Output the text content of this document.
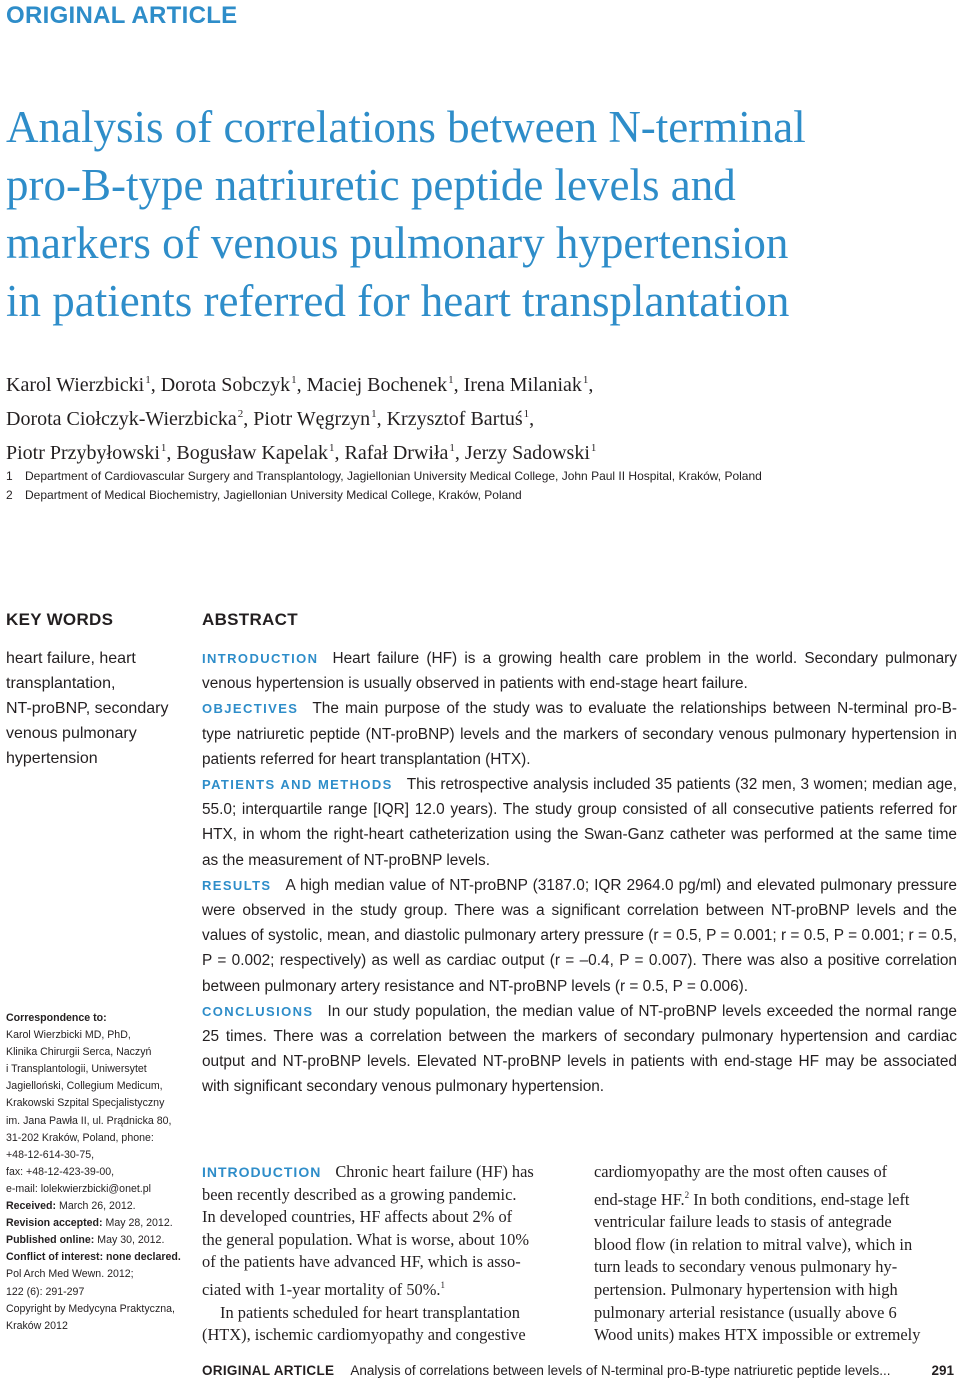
ORIGINAL ARTICLE
Analysis of correlations between N-terminal
pro-B-type natriuretic peptide levels and
markers of venous pulmonary hypertension
in patients referred for heart transplantation
Karol Wierzbicki$^1$, Dorota Sobczyk$^1$, Maciej Bochenek$^1$, Irena Milaniak$^1$,
Dorota Ciołczyk-Wierzbicka$^2$, Piotr Węgrzyn$^1$, Krzysztof Bartuś$^1$,
Piotr Przybyłowski$^1$, Bogusław Kapelak$^1$, Rafał Drwiła$^1$, Jerzy Sadowski$^1$
1	Department of Cardiovascular Surgery and Transplantology, Jagiellonian University Medical College, John Paul II Hospital, Kraków, Poland
2	Department of Medical Biochemistry, Jagiellonian University Medical College, Kraków, Poland
KEY WORDS
heart failure, heart
transplantation,
NT-proBNP, secondary
venous pulmonary
hypertension
ABSTRACT

INTRODUCTION Heart failure (HF) is a growing health care problem in the world. Secondary pulmonary venous hypertension is usually observed in patients with end-stage heart failure.

OBJECTIVES The main purpose of the study was to evaluate the relationships between N-terminal pro-B-type natriuretic peptide (NT-proBNP) levels and the markers of secondary venous pulmonary hypertension in patients referred for heart transplantation (HTX).

PATIENTS AND METHODS This retrospective analysis included 35 patients (32 men, 3 women; median age, 55.0; interquartile range [IQR] 12.0 years). The study group consisted of all consecutive patients referred for HTX, in whom the right-heart catheterization using the Swan-Ganz catheter was performed at the same time as the measurement of NT-proBNP levels.

RESULTS A high median value of NT-proBNP (3187.0; IQR 2964.0 pg/ml) and elevated pulmonary pressure were observed in the study group. There was a significant correlation between NT-proBNP levels and the values of systolic, mean, and diastolic pulmonary artery pressure (r = 0.5, P = 0.001; r = 0.5, P = 0.001; r = 0.5, P = 0.002; respectively) as well as cardiac output (r = –0.4, P = 0.007). There was also a positive correlation between pulmonary artery resistance and NT-proBNP levels (r = 0.5, P = 0.006).

CONCLUSIONS In our study population, the median value of NT-proBNP levels exceeded the normal range 25 times. There was a correlation between the markers of secondary pulmonary hypertension and cardiac output and NT-proBNP levels. Elevated NT-proBNP levels in patients with end-stage HF may be associated with significant secondary venous pulmonary hypertension.

Correspondence to:
Karol Wierzbicki MD, PhD,
Klinika Chirurgii Serca, Naczyń
i Transplantologii, Uniwersytet
Jagielloński, Collegium Medicum,
Krakowski Szpital Specjalistyczny
im. Jana Pawła II, ul. Prądnicka 80,
31-202 Kraków, Poland, phone:
+48-12-614-30-75,
fax: +48-12-423-39-00,
e-mail: lolekwierzbicki@onet.pl
Received: March 26, 2012.
Revision accepted: May 28, 2012.
Published online: May 30, 2012.
Conflict of interest: none declared.
Pol Arch Med Wewn. 2012;
122 (6): 291-297
Copyright by Medycyna Praktyczna,
Kraków 2012
INTRODUCTION Chronic heart failure (HF) has
been recently described as a growing pandemic.
In developed countries, HF affects about 2% of
the general population. What is worse, about 10%
of the patients have advanced HF, which is asso-
ciated with 1-year mortality of 50%.$^1$
In patients scheduled for heart transplantation
(HTX), ischemic cardiomyopathy and congestive
cardiomyopathy are the most often causes of
end-stage HF.$^2$ In both conditions, end-stage left
ventricular failure leads to stasis of antegrade
blood flow (in relation to mitral valve), which in
turn leads to secondary venous pulmonary hy-
pertension. Pulmonary hypertension with high
pulmonary arterial resistance (usually above 6
Wood units) makes HTX impossible or extremely
ORIGINAL ARTICLE Analysis of correlations between levels of N-terminal pro-B-type natriuretic peptide levels...	291
